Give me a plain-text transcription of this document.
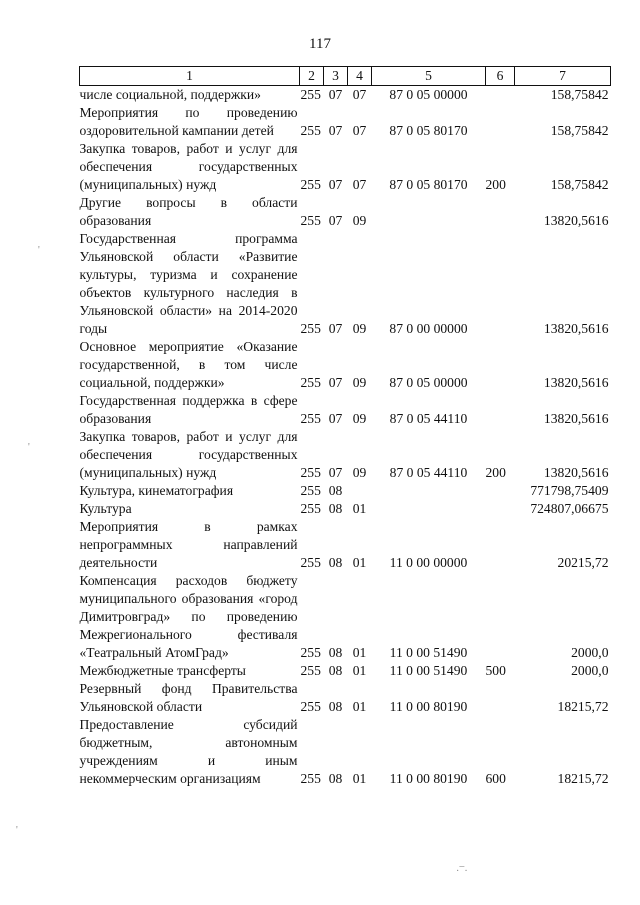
117
1	2	3	4	5	6	7
числе социальной, поддержки»	255	07	07	87 0 05 00000		158,75842
Мероприятия по проведению оздоровительной кампании детей	255	07	07	87 0 05 80170		158,75842
Закупка товаров, работ и услуг для обеспечения государственных (муниципальных) нужд	255	07	07	87 0 05 80170	200	158,75842
Другие вопросы в области образования	255	07	09			13820,5616
Государственная программа Ульяновской области «Развитие культуры, туризма и сохранение объектов культурного наследия в Ульяновской области» на 2014-2020 годы	255	07	09	87 0 00 00000		13820,5616
Основное мероприятие «Оказание государственной, в том числе социальной, поддержки»	255	07	09	87 0 05 00000		13820,5616
Государственная поддержка в сфере образования	255	07	09	87 0 05 44110		13820,5616
Закупка товаров, работ и услуг для обеспечения государственных (муниципальных) нужд	255	07	09	87 0 05 44110	200	13820,5616
Культура, кинематография	255	08				771798,75409
Культура	255	08	01			724807,06675
Мероприятия в рамках непрограммных направлений деятельности	255	08	01	11 0 00 00000		20215,72
Компенсация расходов бюджету муниципального образования «город Димитровград» по проведению Межрегионального фестиваля «Театральный АтомГрад»	255	08	01	11 0 00 51490		2000,0
Межбюджетные трансферты	255	08	01	11 0 00 51490	500	2000,0
Резервный фонд Правительства Ульяновской области	255	08	01	11 0 00 80190		18215,72
Предоставление субсидий бюджетным, автономным учреждениям и иным некоммерческим организациям	255	08	01	11 0 00 80190	600	18215,72
'
'
'
· ̅ ·
